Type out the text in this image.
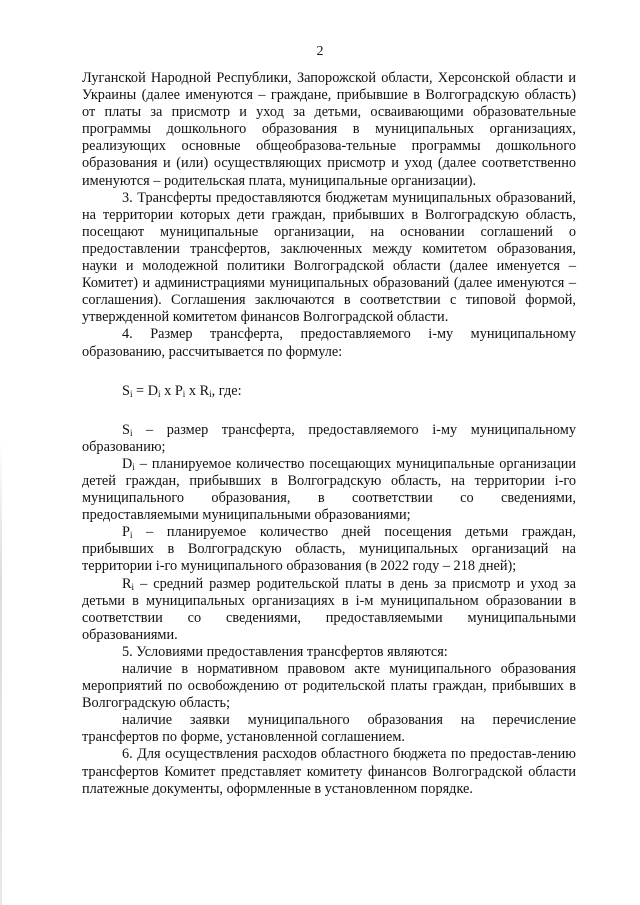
2

Луганской Народной Республики, Запорожской области, Херсонской области и Украины (далее именуются – граждане, прибывшие в Волгоградскую область) от платы за присмотр и уход за детьми, осваивающими образовательные программы дошкольного образования в муниципальных организациях, реализующих основные общеобразова-тельные программы дошкольного образования и (или) осуществляющих присмотр и уход (далее соответственно именуются – родительская плата, муниципальные организации).

3. Трансферты предоставляются бюджетам муниципальных образований, на территории которых дети граждан, прибывших в Волгоградскую область, посещают муниципальные организации, на основании соглашений о предоставлении трансфертов, заключенных между комитетом образования, науки и молодежной политики Волгоградской области (далее именуется – Комитет) и администрациями муниципальных образований (далее именуются – соглашения). Соглашения заключаются в соответствии с типовой формой, утвержденной комитетом финансов Волгоградской области.

4. Размер трансферта, предоставляемого i-му муниципальному образованию, рассчитывается по формуле:

$S_i = D_i$ x $P_i$ x $R_i$, где:

$S_i$ – размер трансферта, предоставляемого i-му муниципальному образованию;

$D_i$ – планируемое количество посещающих муниципальные организации детей граждан, прибывших в Волгоградскую область, на территории i-го муниципального образования, в соответствии со сведениями, предоставляемыми муниципальными образованиями;

$P_i$ – планируемое количество дней посещения детьми граждан, прибывших в Волгоградскую область, муниципальных организаций на территории i-го муниципального образования (в 2022 году – 218 дней);

$R_i$ – средний размер родительской платы в день за присмотр и уход за детьми в муниципальных организациях в i-м муниципальном образовании в соответствии со сведениями, предоставляемыми муниципальными образованиями.

5. Условиями предоставления трансфертов являются:

наличие в нормативном правовом акте муниципального образования мероприятий по освобождению от родительской платы граждан, прибывших в Волгоградскую область;

наличие заявки муниципального образования на перечисление трансфертов по форме, установленной соглашением.

6. Для осуществления расходов областного бюджета по предостав-лению трансфертов Комитет представляет комитету финансов Волгоградской области платежные документы, оформленные в установленном порядке.
